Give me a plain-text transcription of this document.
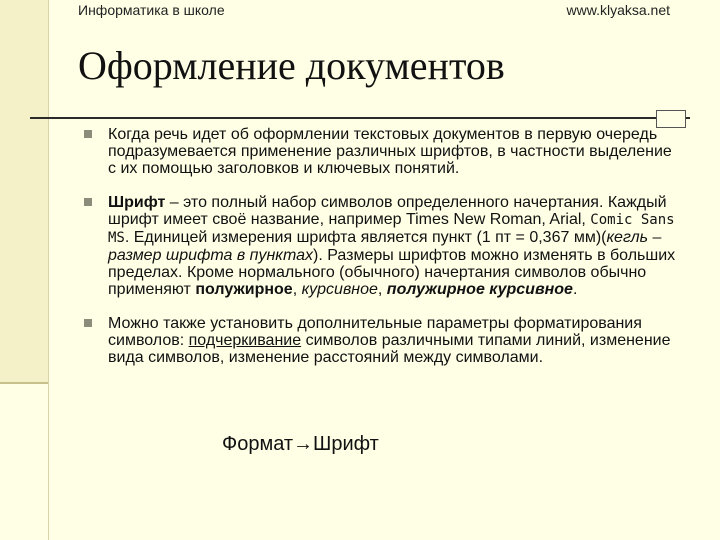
Информатика в школе	www.klyaksa.net
Оформление документов

Когда речь идет об оформлении текстовых документов в первую очередь подразумевается применение различных шрифтов, в частности выделение с их помощью заголовков и ключевых понятий.

Шрифт – это полный набор символов определенного начертания. Каждый шрифт имеет своё название, например Times New Roman, Arial, Comic Sans MS. Единицей измерения шрифта является пункт (1 пт = 0,367 мм)(кегль – размер шрифта в пунктах). Размеры шрифтов можно изменять в больших пределах. Кроме нормального (обычного) начертания символов обычно применяют полужирное, курсивное, полужирное курсивное.

Можно также установить дополнительные параметры форматирования символов: подчеркивание символов различными типами линий, изменение вида символов, изменение расстояний между символами.

Формат→Шрифт
